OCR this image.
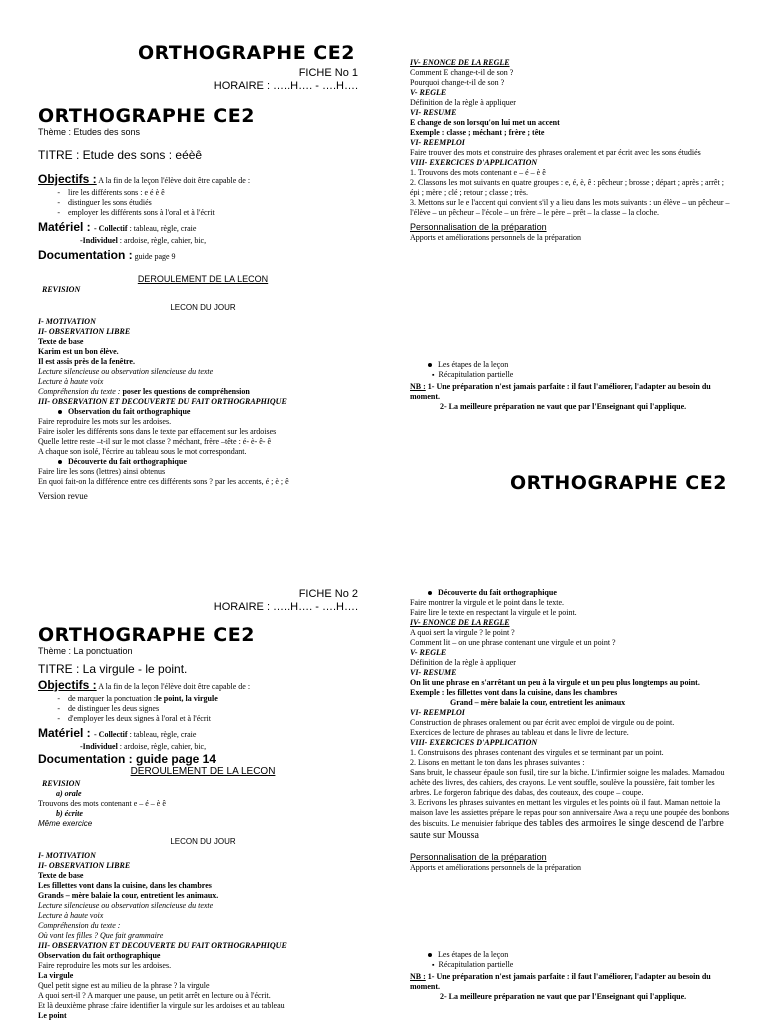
ORTHOGRAPHE CE2
FICHE No 1
HORAIRE : …..H…. - ….H….
ORTHOGRAPHE CE2
Thème : Etudes des sons
TITRE : Etude des sons : eéèê
Objectifs : A la fin de la leçon l'élève doit être capable de :
-	lire les différents sons : e é è ê
-	distinguer les sons étudiés
-	employer les différents sons à l'oral et à l'écrit
Matériel : - Collectif : tableau, règle, craie
-Individuel : ardoise, règle, cahier, bic,
Documentation : guide page 9
DEROULEMENT DE LA LECON
REVISION
LECON DU JOUR
I- MOTIVATION
II- OBSERVATION LIBRE
Texte de base
Karim est un bon élève.
Il est assis près de la fenêtre.
Lecture silencieuse ou observation silencieuse du texte
Lecture à haute voix
Compréhension du texte : poser les questions de compréhension
III- OBSERVATION ET DECOUVERTE DU FAIT ORTHOGRAPHIQUE
Observation du fait orthographique
Faire reproduire les mots sur les ardoises.
Faire isoler les différents sons dans le texte par effacement sur les ardoises
Quelle lettre reste –t-il sur le mot classe ? méchant, frère –tête : é- è- ê- ê
A chaque son isolé, l'écrire au tableau sous le mot correspondant.
Découverte du fait orthographique
Faire lire les sons (lettres) ainsi obtenus
En quoi fait-on la différence entre ces différents sons ? par les accents, é ; è ; ê
Version revue
IV- ENONCE DE LA REGLE
Comment E change-t-il de son ?
Pourquoi change-t-il de son ?
V- REGLE
Définition de la règle à appliquer
VI- RESUME
E change de son lorsqu'on lui met un accent
Exemple : classe ; méchant ; frère ; tête
VI- REEMPLOI
Faire trouver des mots et construire des phrases oralement et par écrit avec les sons étudiés
VIII- EXERCICES D'APPLICATION
1. Trouvons des mots contenant e – é – è ê
2. Classons les mot suivants en quatre groupes : e, é, è, ê : pêcheur ; brosse ; départ ; après ; arrêt ; épi ; mère ; clé ; retour ; classe ; très.
3. Mettons sur le e l'accent qui convient s'il y a lieu dans les mots suivants : un élève – un pêcheur – l'élève – un pêcheur – l'école – un frère – le père – prêt – la classe – la cloche.
Personnalisation de la préparation
Apports et améliorations personnels de la préparation
Les étapes de la leçon
▪ Récapitulation partielle
NB : 1- Une préparation n'est jamais parfaite : il faut l'améliorer, l'adapter au besoin du moment.
2- La meilleure préparation ne vaut que par l'Enseignant qui l'applique.
ORTHOGRAPHE CE2
FICHE No 2
HORAIRE : …..H…. - ….H….
ORTHOGRAPHE CE2
Thème : La ponctuation
TITRE : La virgule - le point.
Objectifs : A la fin de la leçon l'élève doit être capable de :
-	de marquer la ponctuation : le point, la virgule
-	de distinguer les deus signes
-	d'employer les deux signes à l'oral et à l'écrit
Matériel : - Collectif : tableau, règle, craie
-Individuel : ardoise, règle, cahier, bic,
Documentation : guide page 14
DEROULEMENT DE LA LECON
REVISION
a) orale
Trouvons des mots contenant e – é – è ê
b) écrite
Même exercice
LECON DU JOUR
I- MOTIVATION
II- OBSERVATION LIBRE
Texte de base
Les fillettes vont dans la cuisine, dans les chambres
Grands – mère balaie la cour, entretient les animaux.
Lecture silencieuse ou observation silencieuse du texte
Lecture à haute voix
Compréhension du texte :
Où vont les filles ? Que fait grammaire
III- OBSERVATION ET DECOUVERTE DU FAIT ORTHOGRAPHIQUE
Observation du fait orthographique
Faire reproduire les mots sur les ardoises.
La virgule
Quel petit signe est au milieu de la phrase ? la virgule
A quoi sert-il ? A marquer une pause, un petit arrêt en lecture ou à l'écrit.
Et là deuxième phrase :faire identifier la virgule sur les ardoises et au tableau
Le point
Découverte du fait orthographique
Faire montrer la virgule et le point dans le texte.
Faire lire le texte en respectant la virgule et le point.
IV- ENONCE DE LA REGLE
A quoi sert la virgule ? le point ?
Comment lit – on une phrase contenant une virgule et un point ?
V- REGLE
Définition de la règle à appliquer
VI- RESUME
On lit une phrase en s'arrêtant un peu à la virgule et un peu plus longtemps au point.
Exemple : les fillettes vont dans la cuisine, dans les chambres
Grand – mère balaie la cour, entretient les animaux
VI- REEMPLOI
Construction de phrases oralement ou par écrit avec emploi de virgule ou de point.
Exercices de lecture de phrases au tableau et dans le livre de lecture.
VIII- EXERCICES D'APPLICATION
1. Construisons des phrases contenant des virgules et se terminant par un point.
2. Lisons en mettant le ton dans les phrases suivantes :
Sans bruit, le chasseur épaule son fusil, tire sur la biche. L'infirmier soigne les malades. Mamadou achète des livres, des cahiers, des crayons. Le vent souffle, soulève la poussière, fait tomber les arbres. Le forgeron fabrique des dabas, des couteaux, des coupe – coupe.
3. Ecrivons les phrases suivantes en mettant les virgules et les points où il faut. Maman nettoie la maison lave les assiettes prépare le repas pour son anniversaire Awa a reçu une poupée des bonbons des biscuits. Le menuisier fabrique des tables des armoires le singe descend de l'arbre saute sur Moussa
Personnalisation de la préparation
Apports et améliorations personnels de la préparation
Les étapes de la leçon
▪ Récapitulation partielle
NB : 1- Une préparation n'est jamais parfaite : il faut l'améliorer, l'adapter au besoin du moment.
2- La meilleure préparation ne vaut que par l'Enseignant qui l'applique.
